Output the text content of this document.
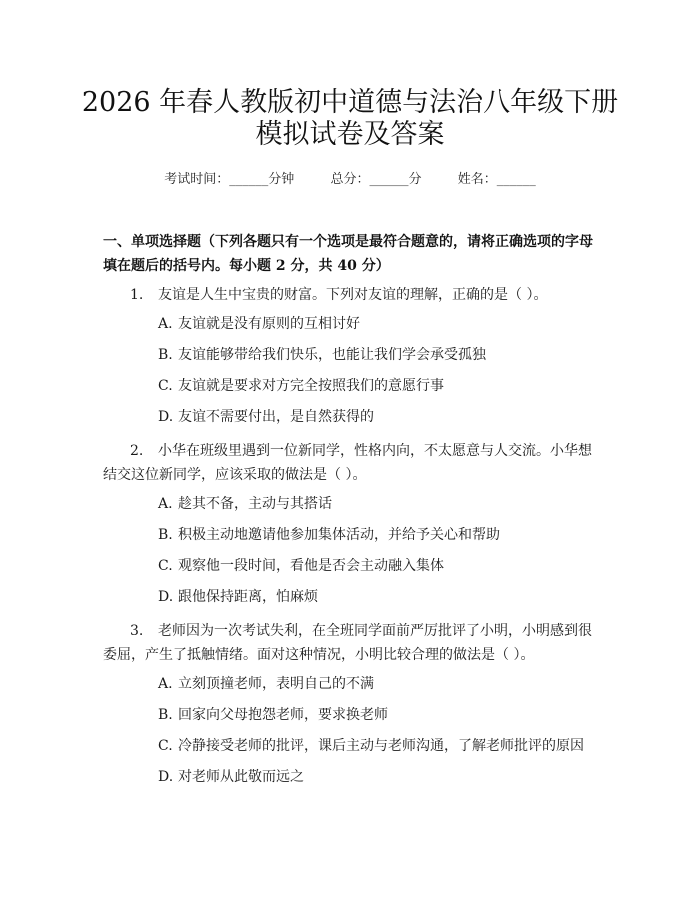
2026 年春人教版初中道德与法治八年级下册
模拟试卷及答案
考试时间：______分钟	总分：______分	姓名：______
一、单项选择题（下列各题只有一个选项是最符合题意的，请将正确选项的字母填在题后的括号内。每小题 2 分，共 40 分）
1. 友谊是人生中宝贵的财富。下列对友谊的理解，正确的是（ ）。
A. 友谊就是没有原则的互相讨好
B. 友谊能够带给我们快乐，也能让我们学会承受孤独
C. 友谊就是要求对方完全按照我们的意愿行事
D. 友谊不需要付出，是自然获得的
2. 小华在班级里遇到一位新同学，性格内向，不太愿意与人交流。小华想结交这位新同学，应该采取的做法是（ ）。
A. 趁其不备，主动与其搭话
B. 积极主动地邀请他参加集体活动，并给予关心和帮助
C. 观察他一段时间，看他是否会主动融入集体
D. 跟他保持距离，怕麻烦
3. 老师因为一次考试失利，在全班同学面前严厉批评了小明，小明感到很委屈，产生了抵触情绪。面对这种情况，小明比较合理的做法是（ ）。
A. 立刻顶撞老师，表明自己的不满
B. 回家向父母抱怨老师，要求换老师
C. 冷静接受老师的批评，课后主动与老师沟通，了解老师批评的原因
D. 对老师从此敬而远之
